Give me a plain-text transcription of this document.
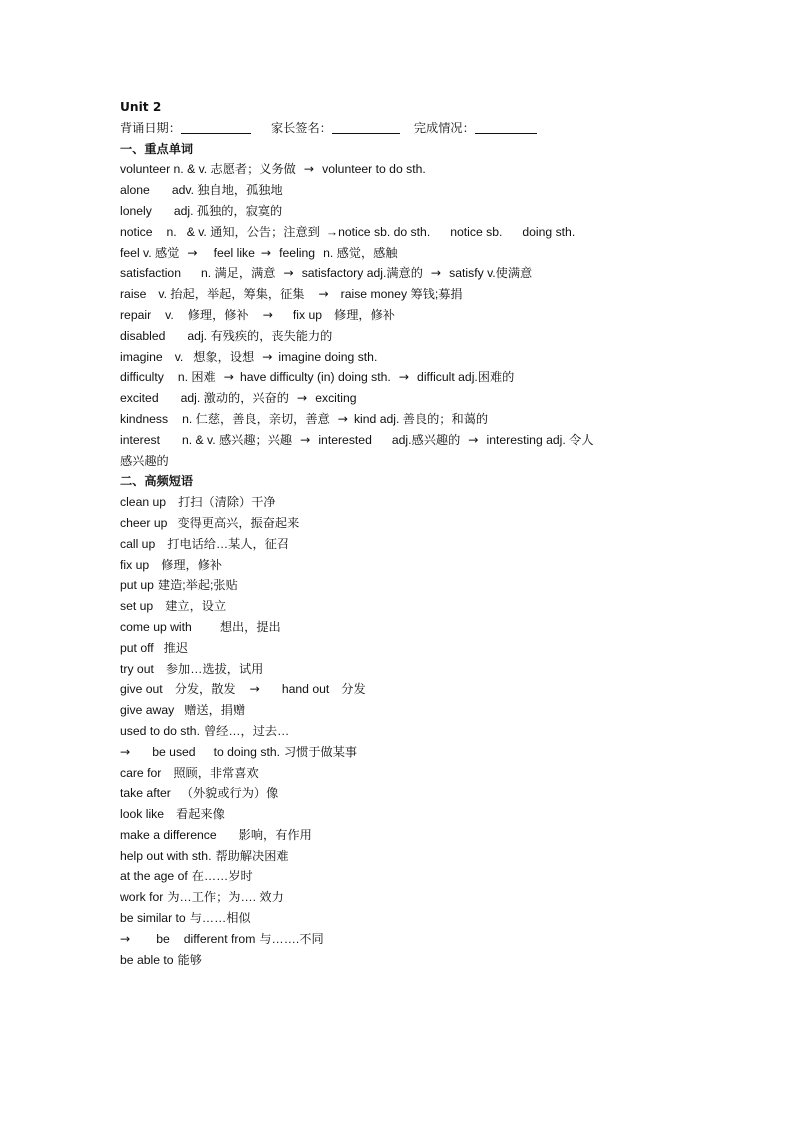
Unit 2
背诵日期：	家长签名：	完成情况：
一、重点单词
volunteer n. & v. 志愿者；义务做 → volunteer to do sth.
alone adv. 独自地，孤独地
lonely adj. 孤独的，寂寞的
notice n. & v. 通知，公告；注意到 →notice sb. do sth. notice sb. doing sth.
feel v. 感觉 → feel like → feeling n. 感觉，感触
satisfaction n. 满足，满意 → satisfactory adj.满意的 → satisfy v.使满意
raise v. 抬起，举起，筹集，征集 → raise money 筹钱;募捐
repair v. 修理，修补 → fix up 修理，修补
disabled adj. 有残疾的，丧失能力的
imagine v. 想象，设想 → imagine doing sth.
difficulty n. 困难 → have difficulty (in) doing sth. → difficult adj.困难的
excited adj. 激动的，兴奋的 → exciting
kindness n. 仁慈，善良，亲切，善意 → kind adj. 善良的；和蔼的
interest n. & v. 感兴趣；兴趣 → interested adj.感兴趣的 → interesting adj. 令人
感兴趣的
二、高频短语
clean up 打扫（清除）干净
cheer up 变得更高兴，振奋起来
call up 打电话给…某人，征召
fix up 修理，修补
put up 建造;举起;张贴
set up 建立，设立
come up with 想出，提出
put off 推迟
try out 参加…选拔，试用
give out 分发，散发 → hand out 分发
give away 赠送，捐赠
used to do sth. 曾经…，过去…
→ be used to doing sth. 习惯于做某事
care for 照顾，非常喜欢
take after （外貌或行为）像
look like 看起来像
make a difference 影响，有作用
help out with sth. 帮助解决困难
at the age of 在……岁时
work for 为…工作；为…. 效力
be similar to 与……相似
→ be different from 与…….不同
be able to 能够
